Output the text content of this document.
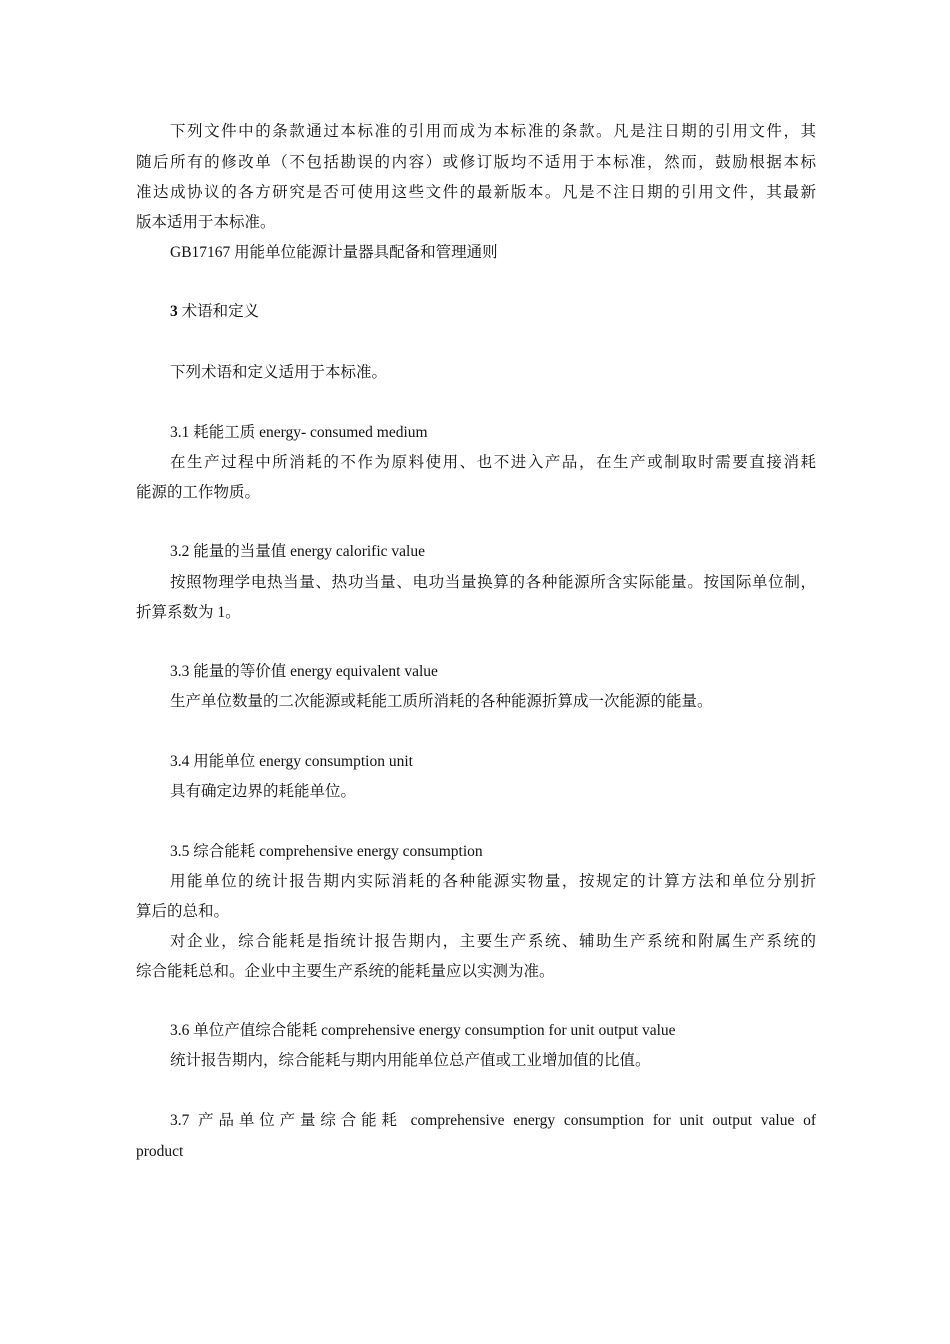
下列文件中的条款通过本标准的引用而成为本标准的条款。凡是注日期的引用文件，其
随后所有的修改单（不包括勘误的内容）或修订版均不适用于本标准，然而，鼓励根据本标
准达成协议的各方研究是否可使用这些文件的最新版本。凡是不注日期的引用文件，其最新
版本适用于本标准。
GB17167 用能单位能源计量器具配备和管理通则
3 术语和定义
下列术语和定义适用于本标准。
3.1 耗能工质 energy- consumed medium
在生产过程中所消耗的不作为原料使用、也不进入产品，在生产或制取时需要直接消耗
能源的工作物质。
3.2 能量的当量值 energy calorific value
按照物理学电热当量、热功当量、电功当量换算的各种能源所含实际能量。按国际单位制，
折算系数为 1。
3.3 能量的等价值 energy equivalent value
生产单位数量的二次能源或耗能工质所消耗的各种能源折算成一次能源的能量。
3.4 用能单位 energy consumption unit
具有确定边界的耗能单位。
3.5 综合能耗 comprehensive energy consumption
用能单位的统计报告期内实际消耗的各种能源实物量，按规定的计算方法和单位分别折
算后的总和。
对企业，综合能耗是指统计报告期内，主要生产系统、辅助生产系统和附属生产系统的
综合能耗总和。企业中主要生产系统的能耗量应以实测为准。
3.6 单位产值综合能耗 comprehensive energy consumption for unit output value
统计报告期内，综合能耗与期内用能单位总产值或工业增加值的比值。
3.7 产品单位产量综合能耗 comprehensive energy consumption for unit output value of
product
